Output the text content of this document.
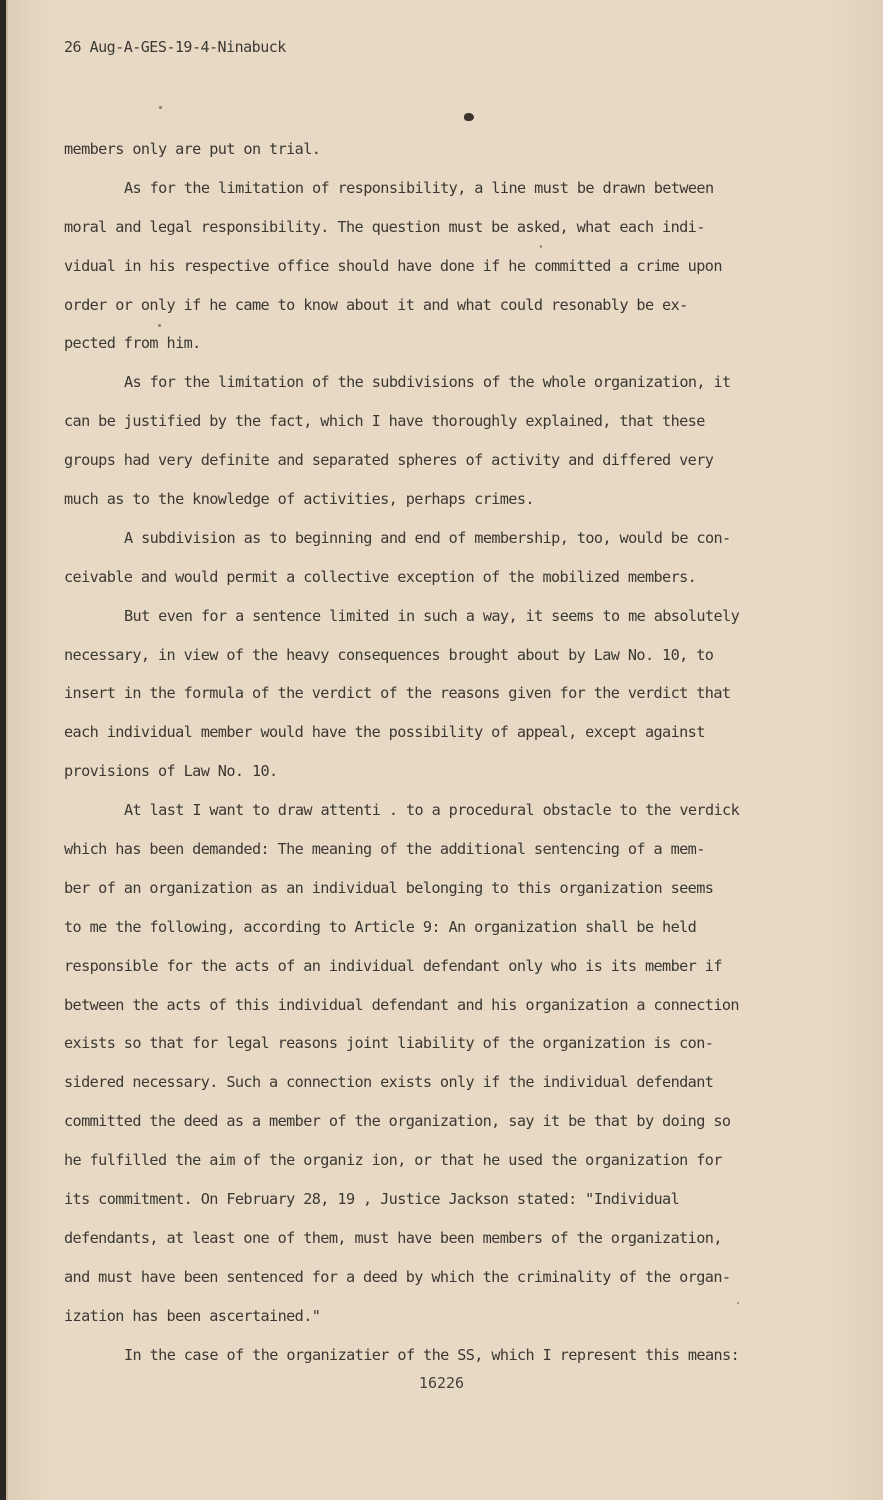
26 Aug-A-GES-19-4-Ninabuck
members only are put on trial.
As for the limitation of responsibility, a line must be drawn between
moral and legal responsibility. The question must be asked, what each indi-
vidual in his respective office should have done if he committed a crime upon
order or only if he came to know about it and what could resonably be ex-
pected from him.
As for the limitation of the subdivisions of the whole organization, it
can be justified by the fact, which I have thoroughly explained, that these
groups had very definite and separated spheres of activity and differed very
much as to the knowledge of activities, perhaps crimes.
A subdivision as to beginning and end of membership, too, would be con-
ceivable and would permit a collective exception of the mobilized members.
But even for a sentence limited in such a way, it seems to me absolutely
necessary, in view of the heavy consequences brought about by Law No. 10, to
insert in the formula of the verdict of the reasons given for the verdict that
each individual member would have the possibility of appeal, except against
provisions of Law No. 10.
At last I want to draw attenti . to a procedural obstacle to the verdick
which has been demanded: The meaning of the additional sentencing of a mem-
ber of an organization as an individual belonging to this organization seems
to me the following, according to Article 9: An organization shall be held
responsible for the acts of an individual defendant only who is its member if
between the acts of this individual defendant and his organization a connection
exists so that for legal reasons joint liability of the organization is con-
sidered necessary. Such a connection exists only if the individual defendant
committed the deed as a member of the organization, say it be that by doing so
he fulfilled the aim of the organiz ion, or that he used the organization for
its commitment. On February 28, 19 , Justice Jackson stated: "Individual
defendants, at least one of them, must have been members of the organization,
and must have been sentenced for a deed by which the criminality of the organ-
ization has been ascertained."
In the case of the organizatier of the SS, which I represent this means:
16226
